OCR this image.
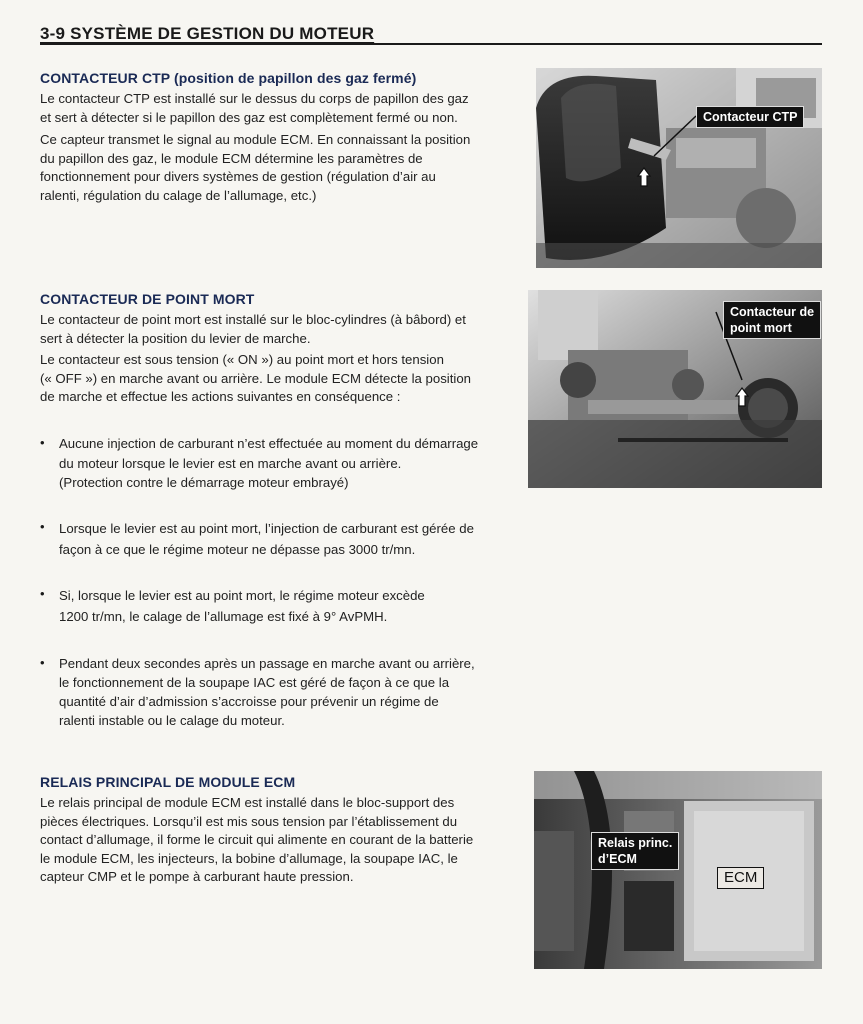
3-9 SYSTÈME DE GESTION DU MOTEUR
CONTACTEUR CTP (position de papillon des gaz fermé)

Le contacteur CTP est installé sur le dessus du corps de papillon des gaz
et sert à détecter si le papillon des gaz est complètement fermé ou non.

Ce capteur transmet le signal au module ECM. En connaissant la position
du papillon des gaz, le module ECM détermine les paramètres de
fonctionnement pour divers systèmes de gestion (régulation d’air au
ralenti, régulation du calage de l’allumage, etc.)

Contacteur CTP
CONTACTEUR DE POINT MORT

Le contacteur de point mort est installé sur le bloc-cylindres (à bâbord) et
sert à détecter la position du levier de marche.

Le contacteur est sous tension (« ON ») au point mort et hors tension
(« OFF ») en marche avant ou arrière. Le module ECM détecte la position
de marche et effectue les actions suivantes en conséquence :

Contacteur de
point mort
• Aucune injection de carburant n’est effectuée au moment du démarrage
du moteur lorsque le levier est en marche avant ou arrière.
(Protection contre le démarrage moteur embrayé)

• Lorsque le levier est au point mort, l’injection de carburant est gérée de
façon à ce que le régime moteur ne dépasse pas 3000 tr/mn.

• Si, lorsque le levier est au point mort, le régime moteur excède
1200 tr/mn, le calage de l’allumage est fixé à 9° AvPMH.

• Pendant deux secondes après un passage en marche avant ou arrière,
le fonctionnement de la soupape IAC est géré de façon à ce que la
quantité d’air d’admission s’accroisse pour prévenir un régime de
ralenti instable ou le calage du moteur.

RELAIS PRINCIPAL DE MODULE ECM

Le relais principal de module ECM est installé dans le bloc-support des
pièces électriques. Lorsqu’il est mis sous tension par l’établissement du
contact d’allumage, il forme le circuit qui alimente en courant de la batterie
le module ECM, les injecteurs, la bobine d’allumage, la soupape IAC, le
capteur CMP et le pompe à carburant haute pression.

Relais princ.
d’ECM
ECM
